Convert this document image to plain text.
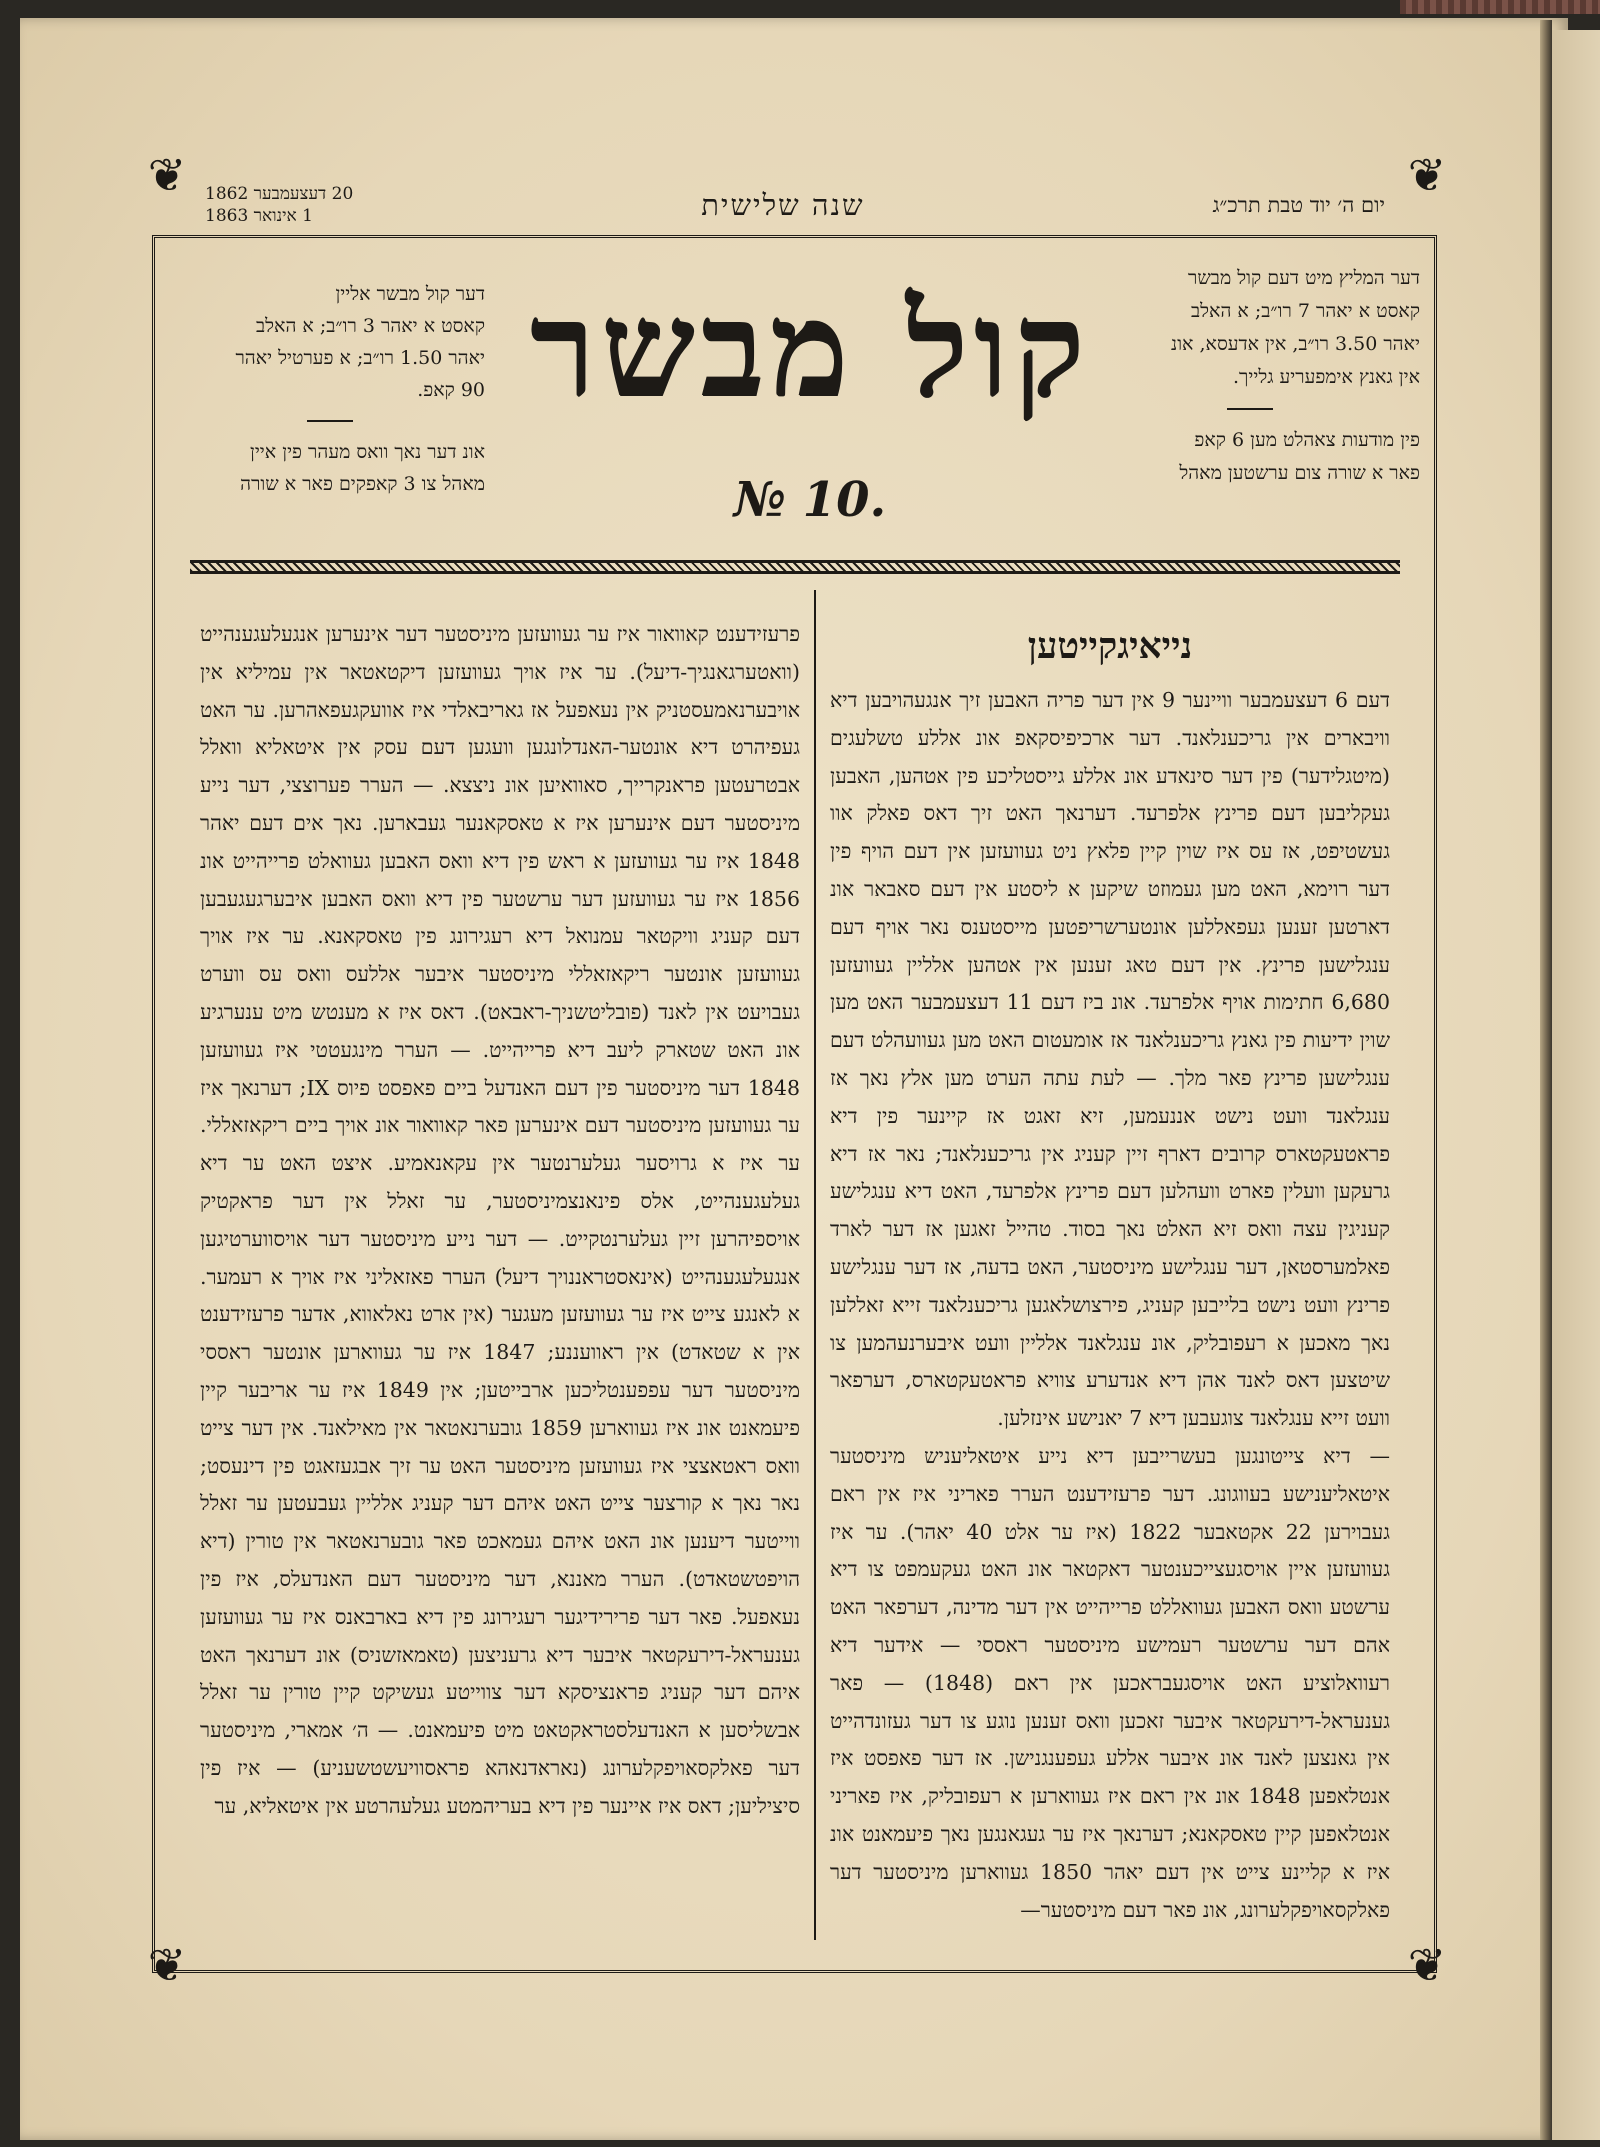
יום ה׳ יוד טבת תרכ״ג
שנה שלישית
20 דעצעמבער 1862
1 אינואר 1863
❦	❦
❦	❦
דער המליץ מיט דעם קול מבשר
קאסט א יאהר 7 רו״ב; א האלב
יאהר 3.50 רו״ב, אין אדעסא, אונ
אין גאנץ אימפעריע גלייך.
פין מודעות צאהלט מען 6 קאפ
פאר א שורה צום ערשטען מאהל
קול מבשר
№ 10.
דער קול מבשר אליין
קאסט א יאהר 3 רו״ב; א האלב
יאהר 1.50 רו״ב; א פערטיל יאהר
90 קאפ.
אונ דער נאך וואס מעהר פין איין
מאהל צו 3 קאפקים פאר א שורה
נייאיגקייטען

דעם 6 דעצעמבער וויינער 9 אין דער פריה האבען זיך אנגעהויבען דיא וויבארים אין גריכענלאנד. דער ארכיפיסקאפ אונ אללע טשלעגים (מיטגלידער) פין דער סינאדע אונ אללע גייסטליכע פין אטהען, האבען געקליבען דעם פרינץ אלפרעד. דערנאך האט זיך דאס פאלק אוו געשטיפט, אז עס איז שוין קיין פלאץ ניט געוועזען אין דעם הויף פין דער רוימא, האט מען געמוזט שיקען א ליסטע אין דעם סאבאר אונ דארטען זענען געפאללען אונטערשריפטען מייסטענס נאר אויף דעם ענגלישען פרינץ. אין דעם טאג זענען אין אטהען אלליין געוועזען 6,680 חתימות אויף אלפרעד. אונ ביז דעם 11 דעצעמבער האט מען שוין ידיעות פין גאנץ גריכענלאנד אז אומעטום האט מען געוועהלט דעם ענגלישען פרינץ פאר מלך. — לעת עתה הערט מען אלץ נאך אז ענגלאנד וועט נישט אננעמען, זיא זאגט אז קיינער פין דיא פראטעקטארס קרובים דארף זיין קעניג אין גריכענלאנד; נאר אז דיא גרעקען וועלין פארט וועהלען דעם פרינץ אלפרעד, האט דיא ענגלישע קעניגין עצה וואס זיא האלט נאך בסוד. טהייל זאגען אז דער לארד פאלמערסטאן, דער ענגלישע מיניסטער, האט בדעה, אז דער ענגלישע פרינץ וועט נישט בלייבען קעניג, פירצושלאגען גריכענלאנד זייא זאללען נאך מאכען א רעפובליק, אונ ענגלאנד אלליין וועט איבערנעהמען צו שיטצען דאס לאנד אהן דיא אנדערע צוויא פראטעקטארס, דערפאר וועט זייא ענגלאנד צוגעבען דיא 7 יאנישע אינזלען.

— דיא צייטונגען בעשרייבען דיא נייע איטאליעניש מיניסטער איטאליענישע בעווגונג. דער פרעזידענט הערר פאריני איז אין ראם געבוירען 22 אקטאבער 1822 (איז ער אלט 40 יאהר). ער איז געוועזען איין אויסגעצייכענטער דאקטאר אונ האט געקעמפט צו דיא ערשטע וואס האבען געוואללט פרייהייט אין דער מדינה, דערפאר האט אהם דער ערשטער רעמישע מיניסטער ראססי — אידער דיא רעוואלוציע האט אויסגעבראכען אין ראם (1848) — פאר גענעראל-דירעקטאר איבער זאכען וואס זענען נוגע צו דער געזונדהייט אין גאנצען לאנד אונ איבער אללע געפענגנישן. אז דער פאפסט איז אנטלאפען 1848 אונ אין ראם איז געווארען א רעפובליק, איז פאריני אנטלאפען קיין טאסקאנא; דערנאך איז ער געגאנגען נאך פיעמאנט אונ איז א קליינע צייט אין דעם יאהר 1850 געווארען מיניסטער דער פאלקסאויפקלערונג, אונ פאר דעם מיניסטער—

פרעזידענט קאוואור איז ער געוועזען מיניסטער דער אינערען אנגעלעגענהייט (וואטערגאנגיך-דיעל). ער איז אויך געוועזען דיקטאטאר אין עמיליא אין אויבערנאמעסטניק אין נעאפעל אז גאריבאלדי איז אוועקגעפאהרען. ער האט געפיהרט דיא אונטער-האנדלונגען וועגען דעם עסק אין איטאליא וואלל אבטרעטען פראנקרייך, סאוואיען אונ ניצצא. — הערר פערוצצי, דער נייע מיניסטער דעם אינערען איז א טאסקאנער געבארען. נאך אים דעם יאהר 1848 איז ער געוועזען א ראש פין דיא וואס האבען געוואלט פרייהייט אונ 1856 איז ער געוועזען דער ערשטער פין דיא וואס האבען איבערגעגעבען דעם קעניג וויקטאר עמנואל דיא רעגירונג פין טאסקאנא. ער איז אויך געוועזען אונטער ריקאזאללי מיניסטער איבער אללעס וואס עס ווערט געבויעט אין לאנד (פובליטשניך-ראבאט). דאס איז א מענטש מיט ענערגיע אונ האט שטארק ליעב דיא פרייהייט. — הערר מינגעטטי איז געוועזען 1848 דער מיניסטער פין דעם האנדעל ביים פאפסט פיוס IX; דערנאך איז ער געוועזען מיניסטער דעם אינערען פאר קאוואור אונ אויך ביים ריקאזאללי. ער איז א גרויסער געלערנטער אין עקאנאמיע. איצט האט ער דיא געלעגענהייט, אלס פינאנצמיניסטער, ער זאלל אין דער פראקטיק אויספיהרען זיין געלערנטקייט. — דער נייע מיניסטער דער אויסווערטיגען אנגעלעגענהייט (אינאסטראננויך דיעל) הערר פאזאליני איז אויך א רעמער. א לאנגע צייט איז ער געוועזען מעגער (אין ארט נאלאווא, אדער פרעזידענט אין א שטאדט) אין ראוועננע; 1847 איז ער געווארען אונטער ראססי מיניסטער דער עפפענטליכען ארבייטען; אין 1849 איז ער אריבער קיין פיעמאנט אונ איז געווארען 1859 גובערנאטאר אין מאילאנד. אין דער צייט וואס ראטאצצי איז געוועזען מיניסטער האט ער זיך אבגעזאגט פין דינעסט; נאר נאך א קורצער צייט האט איהם דער קעניג אלליין געבעטען ער זאלל ווייטער דיענען אונ האט איהם געמאכט פאר גובערנאטאר אין טורין (דיא הויפטשטאדט). הערר מאננא, דער מיניסטער דעם האנדעלס, איז פין נעאפעל. פאר דער פרירידיגער רעגירונג פין דיא בארבאנס איז ער געוועזען גענעראל-דירעקטאר איבער דיא גרעניצען (טאמאזשניס) אונ דערנאך האט איהם דער קעניג פראנציסקא דער צווייטע געשיקט קיין טורין ער זאלל אבשליסען א האנדעלסטראקטאט מיט פיעמאנט. — ה׳ אמארי, מיניסטער דער פאלקסאויפקלערונג (נאראדנאהא פראסוויעשטשעניע) — איז פין סיציליען; דאס איז איינער פין דיא בעריהמטע געלעהרטע אין איטאליא, ער
